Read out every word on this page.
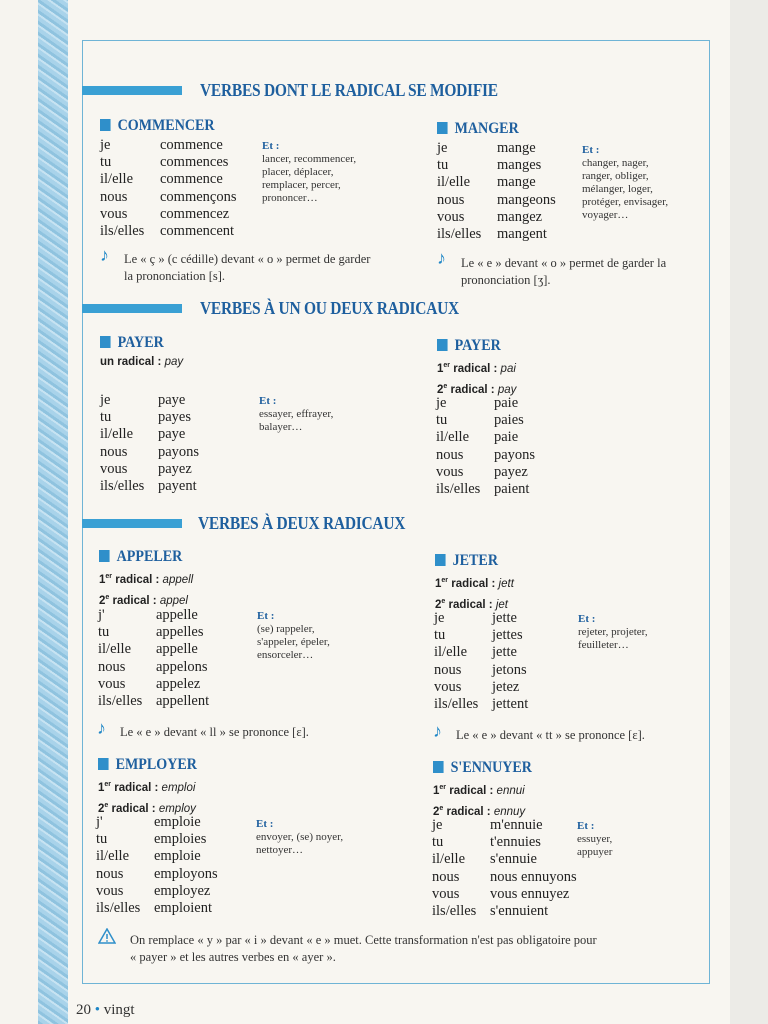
VERBES DONT LE RADICAL SE MODIFIE
COMMENCER
je	commence
tu	commences
il/elle	commence
nous	commençons
vous	commencez
ils/elles	commencent
Et :
lancer, recommencer,
placer, déplacer,
remplacer, percer,
prononcer…
♪ Le « ç » (c cédille) devant « o » permet de garder
la prononciation [s].
MANGER
je	mange
tu	manges
il/elle	mange
nous	mangeons
vous	mangez
ils/elles	mangent
Et :
changer, nager,
ranger, obliger,
mélanger, loger,
protéger, envisager,
voyager…
♪ Le « e » devant « o » permet de garder la
prononciation [ʒ].
VERBES À UN OU DEUX RADICAUX
PAYER
un radical : pay
je	paye
tu	payes
il/elle	paye
nous	payons
vous	payez
ils/elles payent
Et :
essayer, effrayer,
balayer…
PAYER
1er radical : pai
2e radical : pay
je	paie
tu	paies
il/elle	paie
nous	payons
vous	payez
ils/elles paient
VERBES À DEUX RADICAUX
APPELER
1er radical : appell
2e radical : appel
j'	appelle
tu	appelles
il/elle	appelle
nous	appelons
vous	appelez
ils/elles appellent
Et :
(se) rappeler,
s'appeler, épeler,
ensorceler…
♪ Le « e » devant « ll » se prononce [ɛ].
JETER
1er radical : jett
2e radical : jet
je	jette
tu	jettes
il/elle	jette
nous	jetons
vous	jetez
ils/elles jettent
Et :
rejeter, projeter,
feuilleter…
♪ Le « e » devant « tt » se prononce [ɛ].
EMPLOYER
1er radical : emploi
2e radical : employ
j'	emploie
tu	emploies
il/elle	emploie
nous	employons
vous	employez
ils/elles emploient
Et :
envoyer, (se) noyer,
nettoyer…
S'ENNUYER
1er radical : ennui
2e radical : ennuy
je	m'ennuie
tu	t'ennuies
il/elle	s'ennuie
nous	nous ennuyons
vous	vous ennuyez
ils/elles s'ennuient
Et :
essuyer,
appuyer
On remplace « y » par « i » devant « e » muet. Cette transformation n'est pas obligatoire pour
« payer » et les autres verbes en « ayer ».
20 • vingt
